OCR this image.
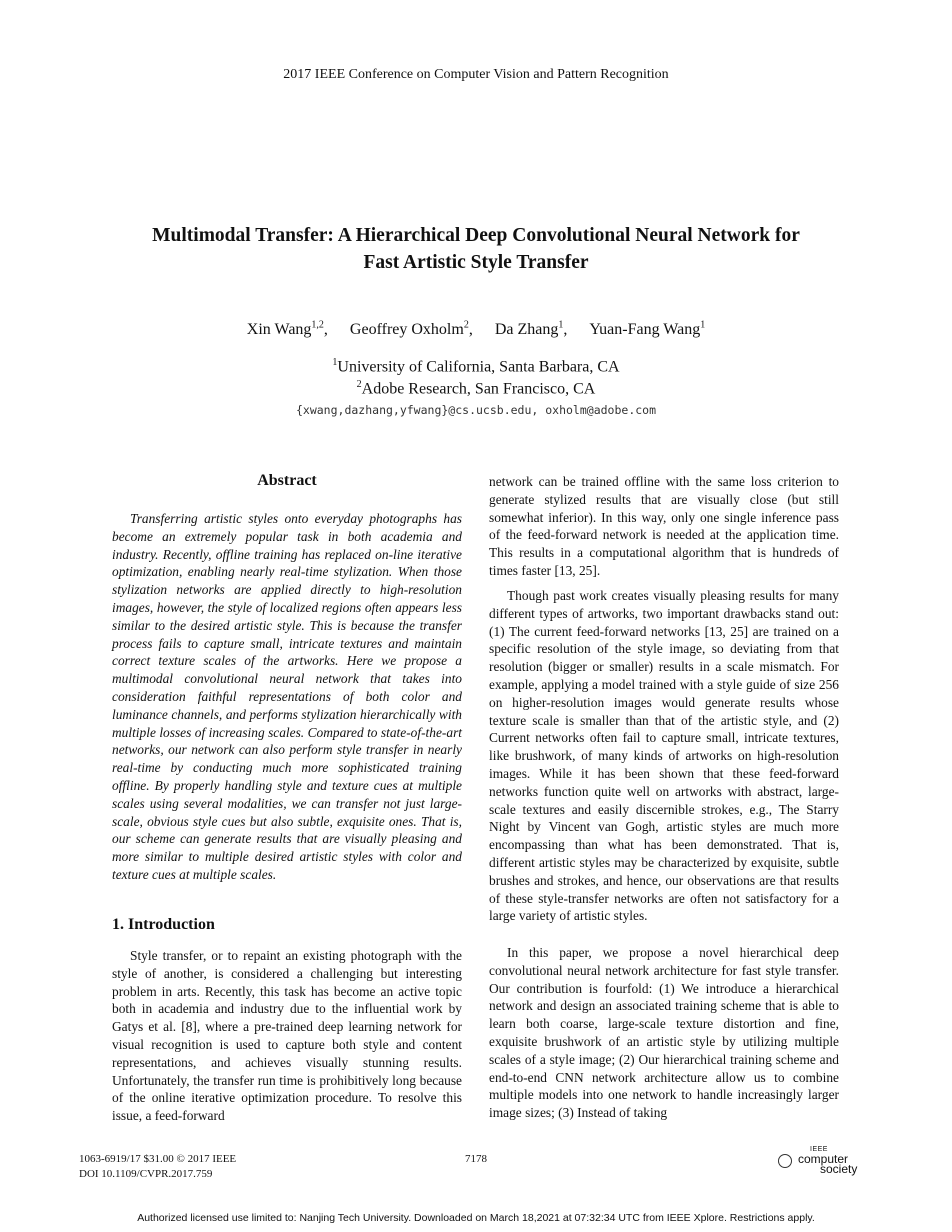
2017 IEEE Conference on Computer Vision and Pattern Recognition
Multimodal Transfer: A Hierarchical Deep Convolutional Neural Network for
Fast Artistic Style Transfer
Xin Wang$^{1,2}$, Geoffrey Oxholm$^2$, Da Zhang$^1$, Yuan-Fang Wang$^1$
$^1$University of California, Santa Barbara, CA
$^2$Adobe Research, San Francisco, CA
{xwang,dazhang,yfwang}@cs.ucsb.edu, oxholm@adobe.com
Abstract

Transferring artistic styles onto everyday photographs has become an extremely popular task in both academia and industry. Recently, offline training has replaced on-line iterative optimization, enabling nearly real-time stylization. When those stylization networks are applied directly to high-resolution images, however, the style of localized regions often appears less similar to the desired artistic style. This is because the transfer process fails to capture small, intricate textures and maintain correct texture scales of the artworks. Here we propose a multimodal convolutional neural network that takes into consideration faithful representations of both color and luminance channels, and performs stylization hierarchically with multiple losses of increasing scales. Compared to state-of-the-art networks, our network can also perform style transfer in nearly real-time by conducting much more sophisticated training offline. By properly handling style and texture cues at multiple scales using several modalities, we can transfer not just large-scale, obvious style cues but also subtle, exquisite ones. That is, our scheme can generate results that are visually pleasing and more similar to multiple desired artistic styles with color and texture cues at multiple scales.

1. Introduction

Style transfer, or to repaint an existing photograph with the style of another, is considered a challenging but interesting problem in arts. Recently, this task has become an active topic both in academia and industry due to the influential work by Gatys et al. [8], where a pre-trained deep learning network for visual recognition is used to capture both style and content representations, and achieves visually stunning results. Unfortunately, the transfer run time is prohibitively long because of the online iterative optimization procedure. To resolve this issue, a feed-forward

network can be trained offline with the same loss criterion to generate stylized results that are visually close (but still somewhat inferior). In this way, only one single inference pass of the feed-forward network is needed at the application time. This results in a computational algorithm that is hundreds of times faster [13, 25].

Though past work creates visually pleasing results for many different types of artworks, two important drawbacks stand out: (1) The current feed-forward networks [13, 25] are trained on a specific resolution of the style image, so deviating from that resolution (bigger or smaller) results in a scale mismatch. For example, applying a model trained with a style guide of size 256 on higher-resolution images would generate results whose texture scale is smaller than that of the artistic style, and (2) Current networks often fail to capture small, intricate textures, like brushwork, of many kinds of artworks on high-resolution images. While it has been shown that these feed-forward networks function quite well on artworks with abstract, large-scale textures and easily discernible strokes, e.g., The Starry Night by Vincent van Gogh, artistic styles are much more encompassing than what has been demonstrated. That is, different artistic styles may be characterized by exquisite, subtle brushes and strokes, and hence, our observations are that results of these style-transfer networks are often not satisfactory for a large variety of artistic styles.

In this paper, we propose a novel hierarchical deep convolutional neural network architecture for fast style transfer. Our contribution is fourfold: (1) We introduce a hierarchical network and design an associated training scheme that is able to learn both coarse, large-scale texture distortion and fine, exquisite brushwork of an artistic style by utilizing multiple scales of a style image; (2) Our hierarchical training scheme and end-to-end CNN network architecture allow us to combine multiple models into one network to handle increasingly larger image sizes; (3) Instead of taking

1063-6919/17 $31.00 © 2017 IEEE
DOI 10.1109/CVPR.2017.759
7178
IEEE
computer
society
Authorized licensed use limited to: Nanjing Tech University. Downloaded on March 18,2021 at 07:32:34 UTC from IEEE Xplore. Restrictions apply.
